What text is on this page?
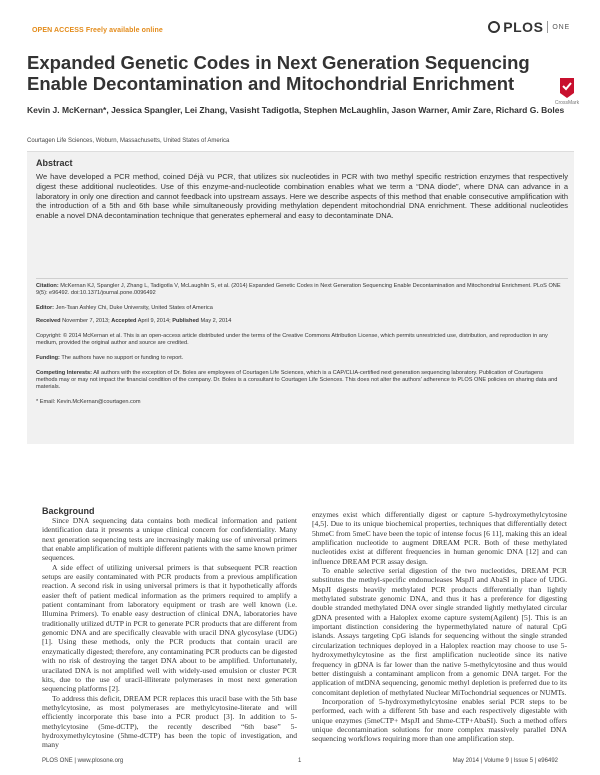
OPEN ACCESS Freely available online	PLOS ONE
Expanded Genetic Codes in Next Generation Sequencing Enable Decontamination and Mitochondrial Enrichment
CrossMark
Kevin J. McKernan*, Jessica Spangler, Lei Zhang, Vasisht Tadigotla, Stephen McLaughlin, Jason Warner, Amir Zare, Richard G. Boles
Courtagen Life Sciences, Woburn, Massachusetts, United States of America
Abstract
We have developed a PCR method, coined Déjà vu PCR, that utilizes six nucleotides in PCR with two methyl specific restriction enzymes that respectively digest these additional nucleotides. Use of this enzyme-and-nucleotide combination enables what we term a “DNA diode”, where DNA can advance in a laboratory in only one direction and cannot feedback into upstream assays. Here we describe aspects of this method that enable consecutive amplification with the introduction of a 5th and 6th base while simultaneously providing methylation dependent mitochondrial DNA enrichment. These additional nucleotides enable a novel DNA decontamination technique that generates ephemeral and easy to decontaminate DNA.
Citation: McKernan KJ, Spangler J, Zhang L, Tadigotla V, McLaughlin S, et al. (2014) Expanded Genetic Codes in Next Generation Sequencing Enable Decontamination and Mitochondrial Enrichment. PLoS ONE 9(5): e96492. doi:10.1371/journal.pone.0096492
Editor: Jen-Tsan Ashley Chi, Duke University, United States of America
Received November 7, 2013; Accepted April 9, 2014; Published May 2, 2014
Copyright: © 2014 McKernan et al. This is an open-access article distributed under the terms of the Creative Commons Attribution License, which permits unrestricted use, distribution, and reproduction in any medium, provided the original author and source are credited.
Funding: The authors have no support or funding to report.
Competing Interests: All authors with the exception of Dr. Boles are employees of Courtagen Life Sciences, which is a CAP/CLIA-certified next generation sequencing laboratory. Publication of Courtagens methods may or may not impact the financial condition of the company. Dr. Boles is a consultant to Courtagen Life Sciences. This does not alter the authors' adherence to PLOS ONE policies on sharing data and materials.
* Email: Kevin.McKernan@courtagen.com
Background

Since DNA sequencing data contains both medical information and patient identification data it presents a unique clinical concern for confidentiality. Many next generation sequencing tests are increasingly making use of universal primers that enable amplification of multiple different patients with the same known primer sequences.

A side effect of utilizing universal primers is that subsequent PCR reaction setups are easily contaminated with PCR products from a previous amplification reaction. A second risk in using universal primers is that it hypothetically affords easier theft of patient medical information as the primers required to amplify a patient contaminant from laboratory equipment or trash are well known (i.e. Illumina Primers). To enable easy destruction of clinical DNA, laboratories have traditionally utilized dUTP in PCR to generate PCR products that are different from genomic DNA and are specifically cleavable with uracil DNA glycosylase (UDG) [1]. Using these methods, only the PCR products that contain uracil are enzymatically digested; therefore, any contaminating PCR products can be digested with no risk of destroying the target DNA about to be amplified. Unfortunately, uracilated DNA is not amplified well with widely-used emulsion or cluster PCR kits, due to the use of uracil-illiterate polymerases in most next generation sequencing platforms [2].

To address this deficit, DREAM PCR replaces this uracil base with the 5th base methylcytosine, as most polymerases are methylcytosine-literate and will efficiently incorporate this base into a PCR product [3]. In addition to 5-methylcytosine (5me-dCTP), the recently described “6th base” 5-hydroxymethylcytosine (5hme-dCTP) has been the topic of investigation, and many

enzymes exist which differentially digest or capture 5-hydroxymethylcytosine [4,5]. Due to its unique biochemical properties, techniques that differentially detect 5hmeC from 5meC have been the topic of intense focus [6 11], making this an ideal amplification nucleotide to augment DREAM PCR. Both of these methylated nucleotides exist at different frequencies in human genomic DNA [12] and can influence DREAM PCR assay design.

To enable selective serial digestion of the two nucleotides, DREAM PCR substitutes the methyl-specific endonucleases MspJI and AbaSI in place of UDG. MspJI digests heavily methylated PCR products differentially than lightly methylated substrate genomic DNA, and thus it has a preference for digesting double stranded methylated DNA over single stranded lightly methylated circular gDNA presented with a Haloplex exome capture system(Agilent) [5]. This is an important distinction considering the hypermethylated nature of natural CpG islands. Assays targeting CpG islands for sequencing without the single stranded circularization techniques deployed in a Haloplex reaction may choose to use 5-hydroxymethylcytosine as the first amplification nucleotide since its native frequency in gDNA is far lower than the native 5-methylcytosine and thus would better distinguish a contaminant amplicon from a genomic DNA target. For the application of mtDNA sequencing, genomic methyl depletion is preferred due to its concomitant depletion of methylated Nuclear MiTochondrial sequences or NUMTs.

Incorporation of 5-hydroxymethylcytosine enables serial PCR steps to be performed, each with a different 5th base and each respectively digestable with unique enzymes (5meCTP+ MspJI and 5hme-CTP+AbaSI). Such a method offers unique decontamination solutions for more complex massively parallel DNA sequencing workflows requiring more than one amplification step.

PLOS ONE | www.plosone.org	1	May 2014 | Volume 9 | Issue 5 | e96492
